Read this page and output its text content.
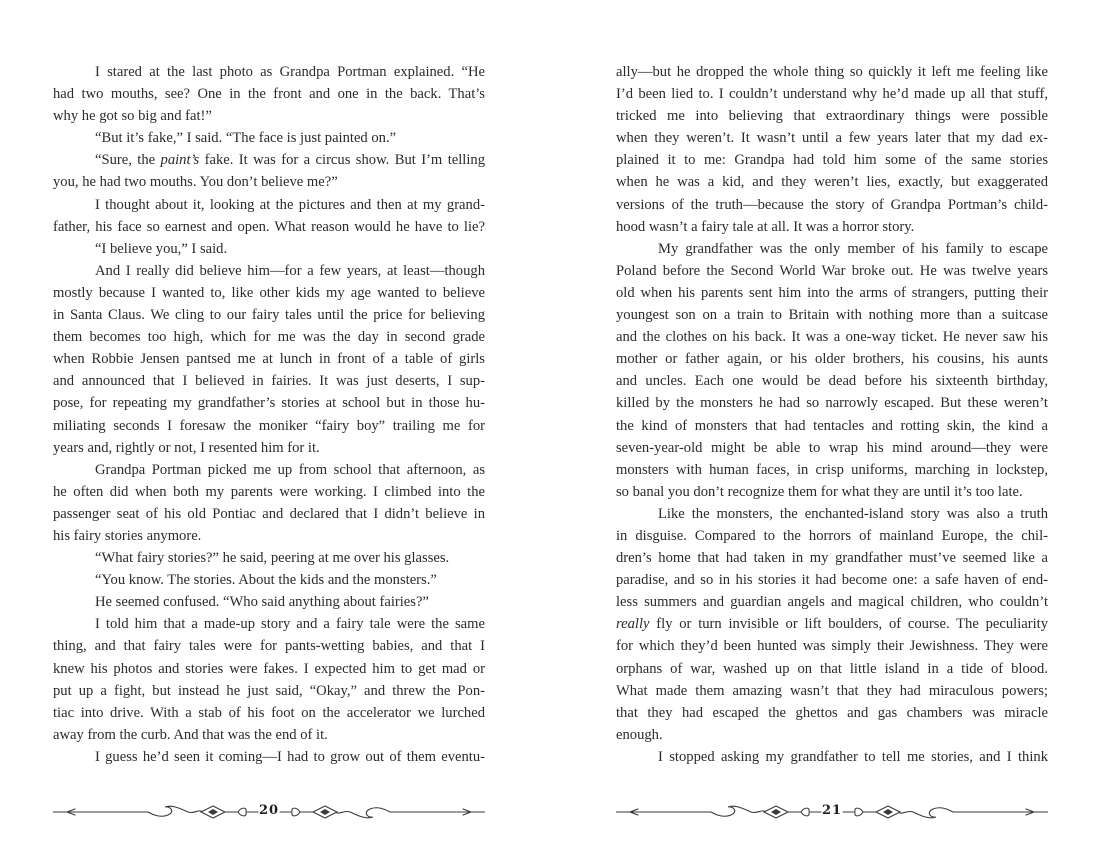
I stared at the last photo as Grandpa Portman explained. “He
had two mouths, see? One in the front and one in the back. That’s
why he got so big and fat!”
“But it’s fake,” I said. “The face is just painted on.”
“Sure, the paint’s fake. It was for a circus show. But I’m telling
you, he had two mouths. You don’t believe me?”
I thought about it, looking at the pictures and then at my grand-
father, his face so earnest and open. What reason would he have to lie?
“I believe you,” I said.
And I really did believe him—for a few years, at least—though
mostly because I wanted to, like other kids my age wanted to believe
in Santa Claus. We cling to our fairy tales until the price for believing
them becomes too high, which for me was the day in second grade
when Robbie Jensen pantsed me at lunch in front of a table of girls
and announced that I believed in fairies. It was just deserts, I sup-
pose, for repeating my grandfather’s stories at school but in those hu-
miliating seconds I foresaw the moniker “fairy boy” trailing me for
years and, rightly or not, I resented him for it.
Grandpa Portman picked me up from school that afternoon, as
he often did when both my parents were working. I climbed into the
passenger seat of his old Pontiac and declared that I didn’t believe in
his fairy stories anymore.
“What fairy stories?” he said, peering at me over his glasses.
“You know. The stories. About the kids and the monsters.”
He seemed confused. “Who said anything about fairies?”
I told him that a made-up story and a fairy tale were the same
thing, and that fairy tales were for pants-wetting babies, and that I
knew his photos and stories were fakes. I expected him to get mad or
put up a fight, but instead he just said, “Okay,” and threw the Pon-
tiac into drive. With a stab of his foot on the accelerator we lurched
away from the curb. And that was the end of it.
I guess he’d seen it coming—I had to grow out of them eventu-
ally—but he dropped the whole thing so quickly it left me feeling like
I’d been lied to. I couldn’t understand why he’d made up all that stuff,
tricked me into believing that extraordinary things were possible
when they weren’t. It wasn’t until a few years later that my dad ex-
plained it to me: Grandpa had told him some of the same stories
when he was a kid, and they weren’t lies, exactly, but exaggerated
versions of the truth—because the story of Grandpa Portman’s child-
hood wasn’t a fairy tale at all. It was a horror story.
My grandfather was the only member of his family to escape
Poland before the Second World War broke out. He was twelve years
old when his parents sent him into the arms of strangers, putting their
youngest son on a train to Britain with nothing more than a suitcase
and the clothes on his back. It was a one-way ticket. He never saw his
mother or father again, or his older brothers, his cousins, his aunts
and uncles. Each one would be dead before his sixteenth birthday,
killed by the monsters he had so narrowly escaped. But these weren’t
the kind of monsters that had tentacles and rotting skin, the kind a
seven-year-old might be able to wrap his mind around—they were
monsters with human faces, in crisp uniforms, marching in lockstep,
so banal you don’t recognize them for what they are until it’s too late.
Like the monsters, the enchanted-island story was also a truth
in disguise. Compared to the horrors of mainland Europe, the chil-
dren’s home that had taken in my grandfather must’ve seemed like a
paradise, and so in his stories it had become one: a safe haven of end-
less summers and guardian angels and magical children, who couldn’t
really fly or turn invisible or lift boulders, of course. The peculiarity
for which they’d been hunted was simply their Jewishness. They were
orphans of war, washed up on that little island in a tide of blood.
What made them amazing wasn’t that they had miraculous powers;
that they had escaped the ghettos and gas chambers was miracle
enough.
I stopped asking my grandfather to tell me stories, and I think
20	21
